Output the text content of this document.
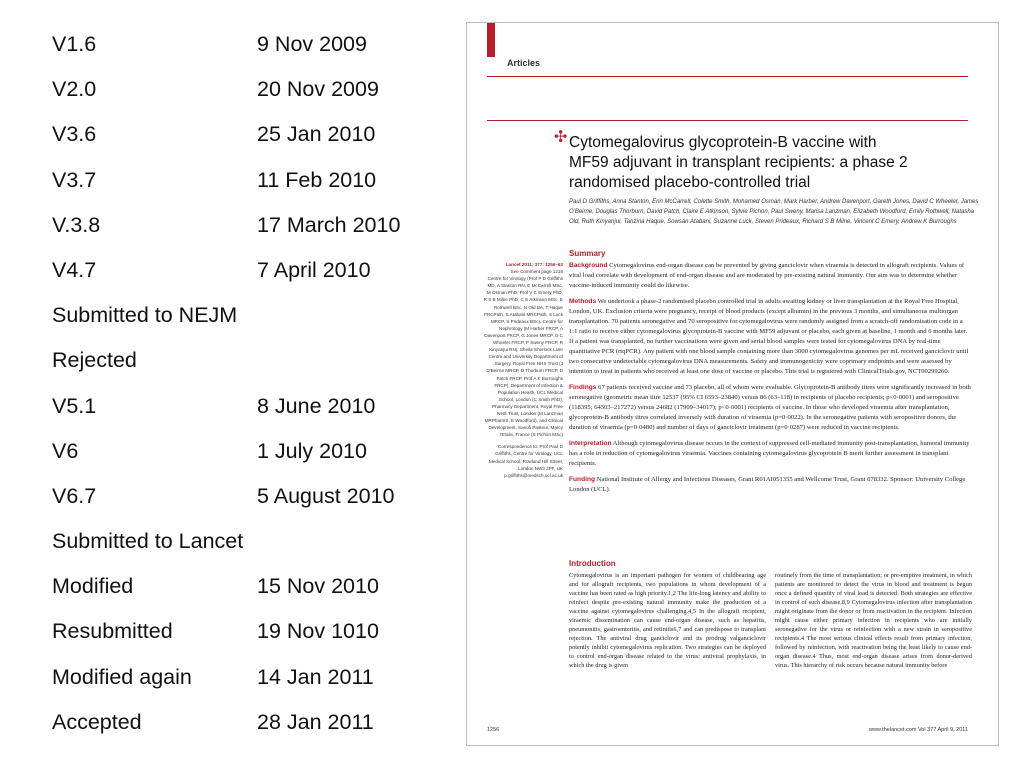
V1.6	9 Nov 2009
V2.0	20 Nov 2009
V3.6	25 Jan 2010
V3.7	11 Feb 2010
V.3.8	17 March 2010
V4.7	7 April 2010
Submitted to NEJM
Rejected
V5.1	8 June 2010
V6	1 July 2010
V6.7	5 August 2010
Submitted to Lancet
Modified	15 Nov 2010
Resubmitted	19 Nov 1010
Modified again	14 Jan 2011
Accepted	28 Jan 2011
Articles
✣ Cytomegalovirus glycoprotein-B vaccine with MF59 adjuvant in transplant recipients: a phase 2 randomised placebo-controlled trial
Paul D Griffiths, Anna Stanton, Erin McCarrell, Colette Smith, Mohamed Osman, Mark Harber, Andrew Davenport, Gareth Jones, David C Wheeler, James O'Beirne, Douglas Thorburn, David Patch, Claire E Atkinson, Sylvie Pichon, Paul Sweny, Marisa Lanzman, Elizabeth Woodford, Emily Rothwell, Natasha Old, Ruth Kinyanjui, Tanzina Haque, Sowsan Atabani, Suzanne Luck, Steven Prideaux, Richard S B Milne, Vincent C Emery, Andrew K Burroughs
Summary
Lancet 2011; 377: 1256–63
See Comment page 1216
Centre for Virology (Prof P D Griffiths MD, A Stanton RN, E McCarrell MSc, M Osman PhD, Prof V C Emery PhD, R S B Milne PhD, C E Atkinson MSc, E Rothwell BSc, N Old BA, T Haque FRCPath, S Atabani MRCPath, S Luck MRCP, S Prideaux BSc), Centre for Nephrology (M Harber FRCP, A Davenport FRCP, G Jones MRCP, D C Wheeler FRCP, P Sweny FRCP, R Kinyanjui RN), Sheila Sherlock Liver Centre and University Department of Surgery, Royal Free NHS Trust (J O'Beirne MRCP, D Thorburn FRCP, D Patch FRCP, Prof A K Burroughs FRCP), Department of Infection & Population Health, UCL Medical School, London (C Smith PhD), Pharmacy Department, Royal Free NHS Trust, London (M Lanzman MRPharmS, E Woodford), and Clinical Development, Sanofi Pasteur, Marcy l'Etoile, France (S Pichon MSc)
Correspondence to: Prof Paul D Griffiths, Centre for Virology, UCL Medical School, Rowland Hill Street, London NW3 2PF, UK p.griffiths@medsch.ucl.ac.uk

Background Cytomegalovirus end-organ disease can be prevented by giving ganciclovir when viraemia is detected in allograft recipients. Values of viral load correlate with development of end-organ disease and are moderated by pre-existing natural immunity. Our aim was to determine whether vaccine-induced immunity could do likewise.

Methods We undertook a phase-2 randomised placebo controlled trial in adults awaiting kidney or liver transplantation at the Royal Free Hospital, London, UK. Exclusion criteria were pregnancy, receipt of blood products (except albumin) in the previous 3 months, and simultaneous multiorgan transplantation. 70 patients seronegative and 70 seropositive for cytomegalovirus were randomly assigned from a scratch-off randomisation code in a 1:1 ratio to receive either cytomegalovirus glycoprotein-B vaccine with MF59 adjuvant or placebo, each given at baseline, 1 month and 6 months later. If a patient was transplanted, no further vaccinations were given and serial blood samples were tested for cytomegalovirus DNA by real-time quantitative PCR (rtqPCR). Any patient with one blood sample containing more than 3000 cytomegalovirus genomes per mL received ganciclovir until two consecutive undetectable cytomegalovirus DNA measurements. Safety and immunogenicity were coprimary endpoints and were assessed by intention to treat in patients who received at least one dose of vaccine or placebo. This trial is registered with ClinicalTrials.gov, NCT00299260.

Findings 67 patients received vaccine and 73 placebo, all of whom were evaluable. Glycoprotein-B antibody titres were significantly increased in both seronegative (geometric mean titre 12537 (95% CI 6593–23840) versus 86 (63–118) in recipients of placebo recipients; p<0·0001) and seropositive (118395; 64503–217272) versus 24682 (17909–34017); p<0·0001) recipients of vaccine. In those who developed viraemia after transplantation, glycoprotein-B antibody titres correlated inversely with duration of viraemia (p=0·0022). In the seronegative patients with seropositive donors, the duration of viraemia (p=0·0480) and number of days of ganciclovir treatment (p=0·0287) were reduced in vaccine recipients.

Interpretation Although cytomegalovirus disease occurs in the context of suppressed cell-mediated immunity post-transplantation, humoral immunity has a role in reduction of cytomegalovirus viraemia. Vaccines containing cytomegalovirus glycoprotein B merit further assessment in transplant recipients.

Funding National Institute of Allergy and Infectious Diseases, Grant R01AI051355 and Wellcome Trust, Grant 078332. Sponsor: University College London (UCL).

Introduction
Cytomegalovirus is an important pathogen for women of childbearing age and for allograft recipients, two populations in whom development of a vaccine has been rated as high priority.1,2 The life-long latency and ability to reinfect despite pre-existing natural immunity make the production of a vaccine against cytomegalovirus challenging.4,5 In the allograft recipient, viraemic dissemination can cause end-organ disease, such as hepatitis, pneumonitis, gastroenteritis, and retinitis6,7 and can predispose to transplant rejection. The antiviral drug ganciclovir and its prodrug valganciclovir potently inhibit cytomegalovirus replication. Two strategies can be deployed to control end-organ disease related to the virus: antiviral prophylaxis, in which the drug is given
routinely from the time of transplantation; or pre-emptive treatment, in which patients are monitored to detect the virus in blood and treatment is begun once a defined quantity of viral load is detected. Both strategies are effective in control of such disease.8,9 Cytomegalovirus infection after transplantation might originate from the donor or from reactivation in the recipient. Infection might cause either primary infection in recipients who are initially seronegative for the virus or reinfection with a new strain in seropositive recipients.4 The most serious clinical effects result from primary infection, followed by reinfection, with reactivation being the least likely to cause end-organ disease.4 Thus, most end-organ disease arises from donor-derived virus. This hierarchy of risk occurs because natural immunity before
1256	www.thelancet.com Vol 377 April 9, 2011
